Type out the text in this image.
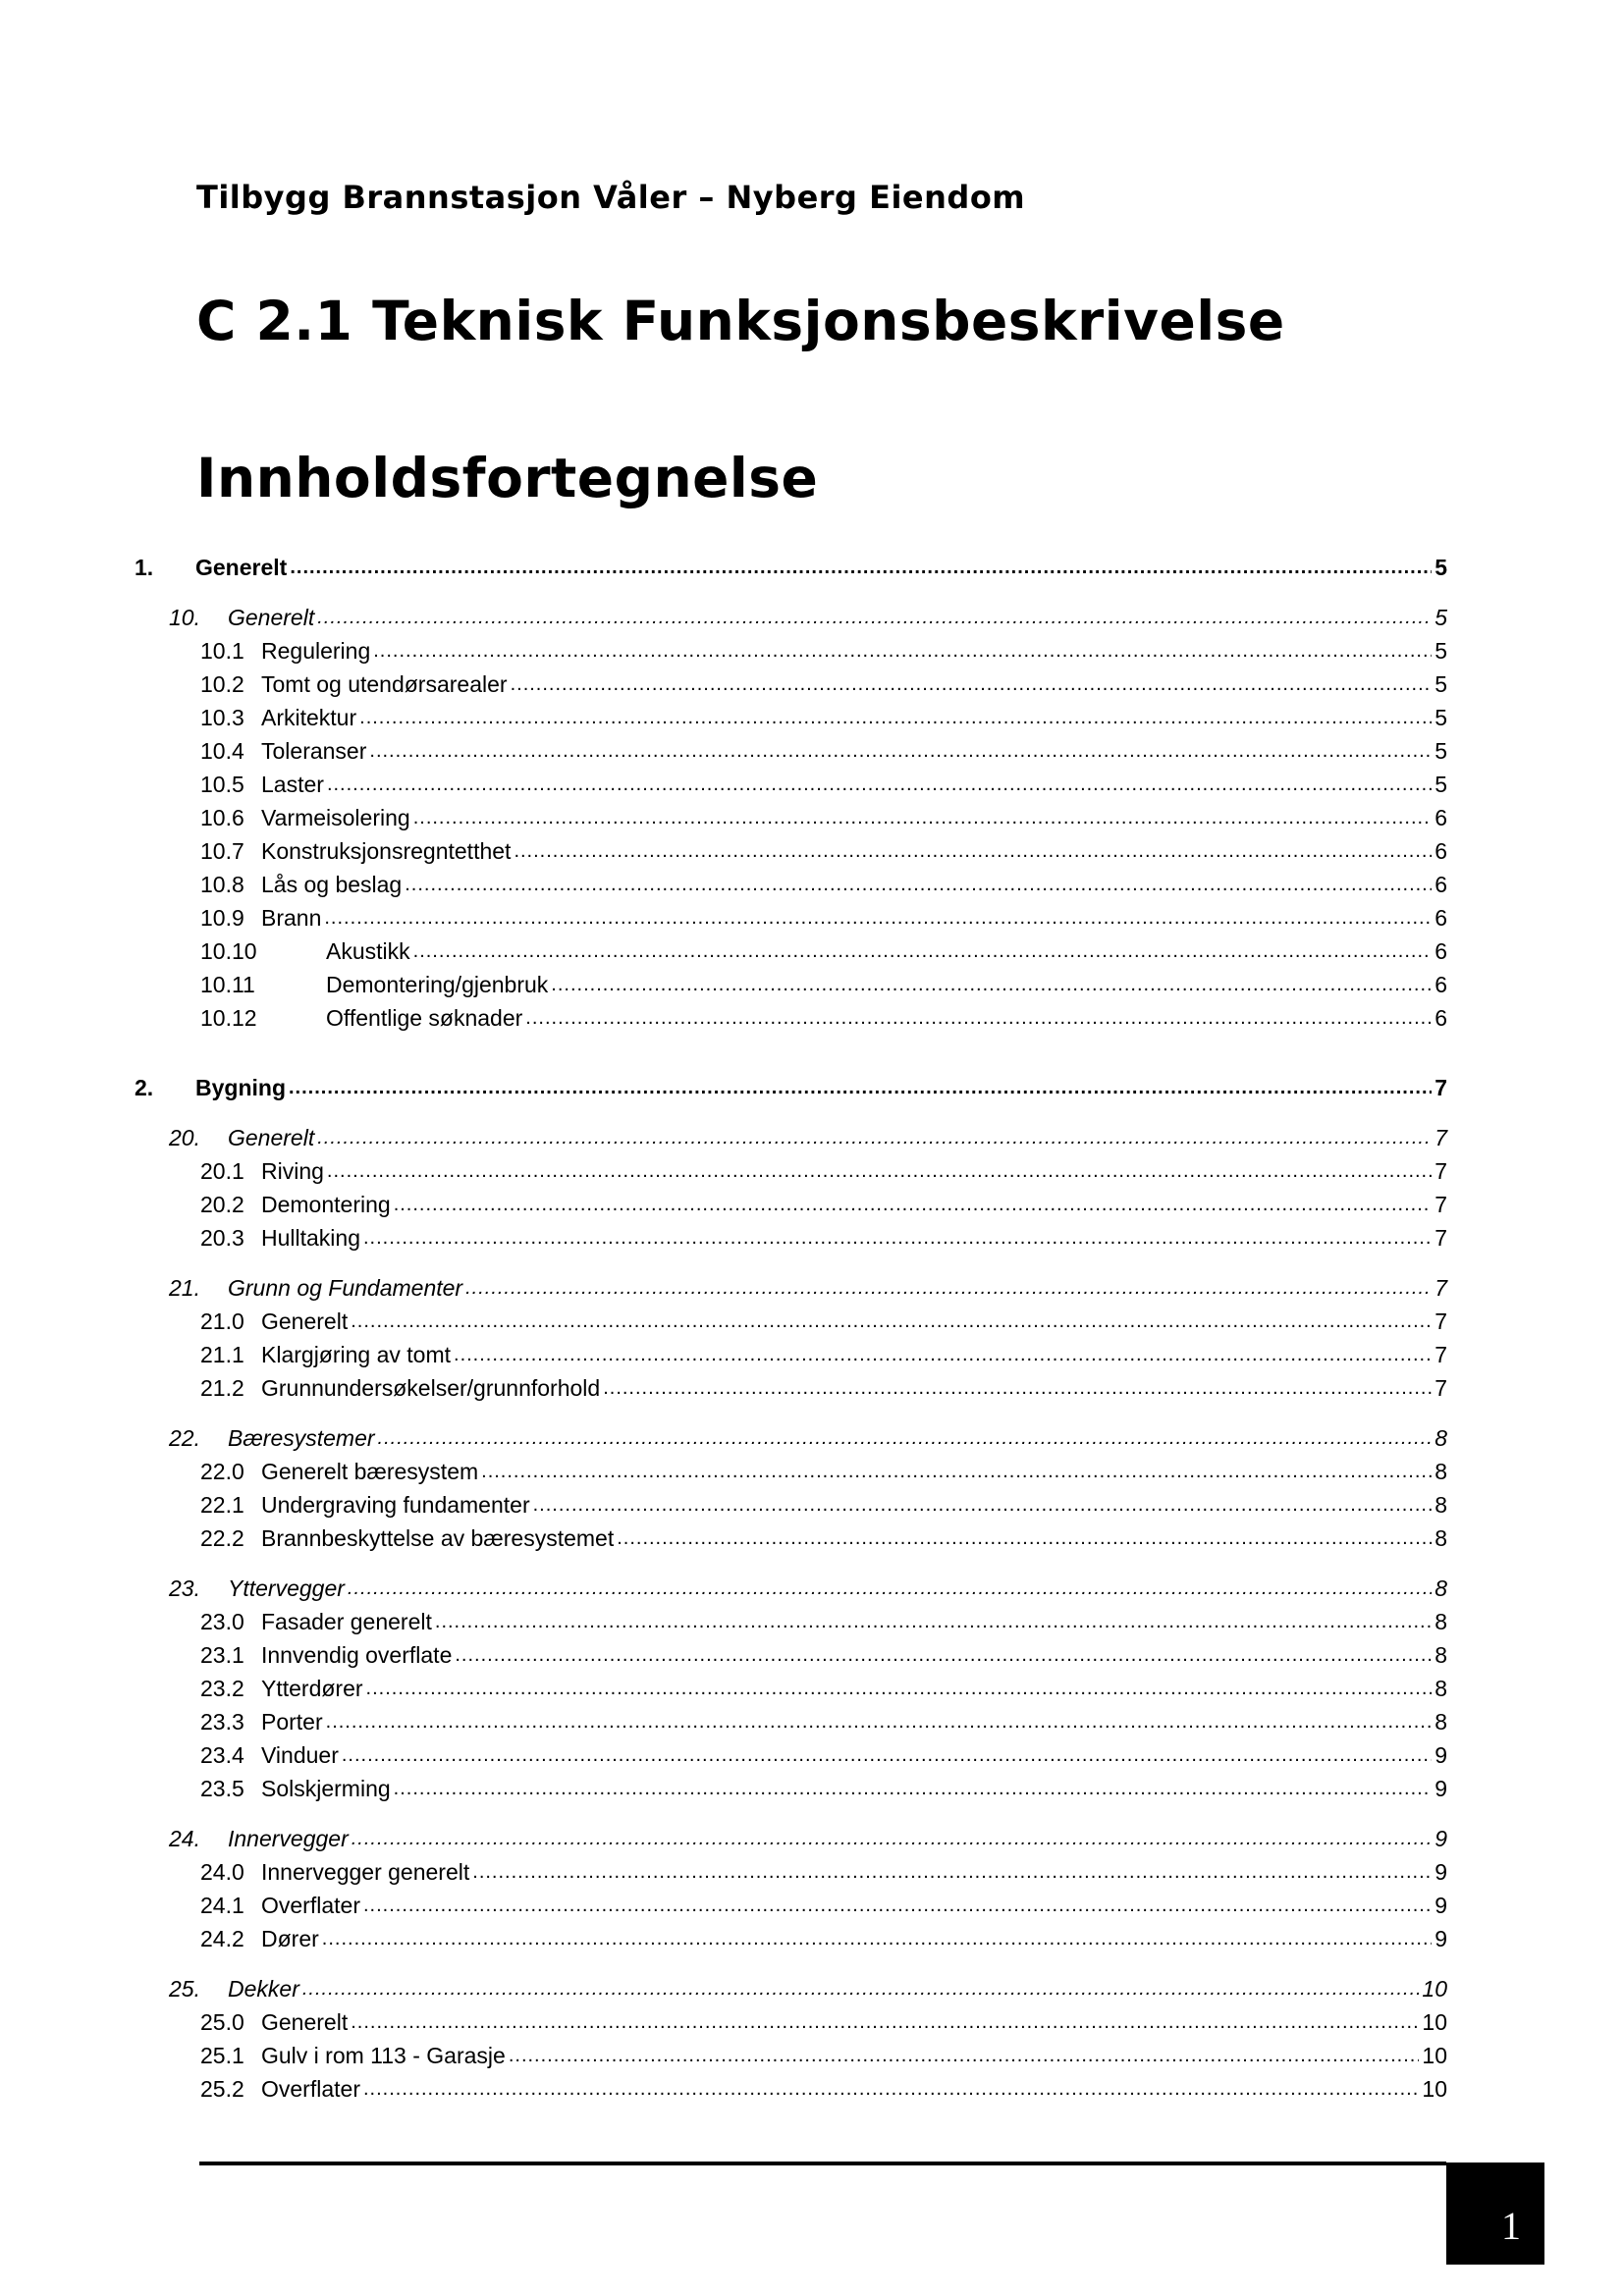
Tilbygg Brannstasjon Våler – Nyberg Eiendom
C 2.1 Teknisk Funksjonsbeskrivelse
Innholdsfortegnelse
1.	Generelt .....	5
10.	Generelt .....	5
10.1 Regulering .....	5
10.2 Tomt og utendørsarealer .....	5
10.3 Arkitektur .....	5
10.4 Toleranser .....	5
10.5 Laster .....	5
10.6 Varmeisolering .....	6
10.7 Konstruksjonsregntetthet .....	6
10.8 Lås og beslag .....	6
10.9 Brann .....	6
10.10	Akustikk .....	6
10.11	Demontering/gjenbruk .....	6
10.12	Offentlige søknader .....	6
2.	Bygning .....	7
20.	Generelt .....	7
20.1 Riving .....	7
20.2 Demontering .....	7
20.3 Hulltaking .....	7
21.	Grunn og Fundamenter .....	7
21.0 Generelt .....	7
21.1 Klargjøring av tomt .....	7
21.2 Grunnundersøkelser/grunnforhold .....	7
22.	Bæresystemer .....	8
22.0 Generelt bæresystem .....	8
22.1 Undergraving fundamenter .....	8
22.2 Brannbeskyttelse av bæresystemet .....	8
23.	Yttervegger .....	8
23.0 Fasader generelt .....	8
23.1 Innvendig overflate .....	8
23.2 Ytterdører .....	8
23.3 Porter .....	8
23.4 Vinduer .....	9
23.5 Solskjerming .....	9
24.	Innervegger .....	9
24.0 Innervegger generelt .....	9
24.1 Overflater .....	9
24.2 Dører .....	9
25.	Dekker .....	10
25.0 Generelt .....	10
25.1 Gulv i rom 113 - Garasje .....	10
25.2 Overflater .....	10
1
